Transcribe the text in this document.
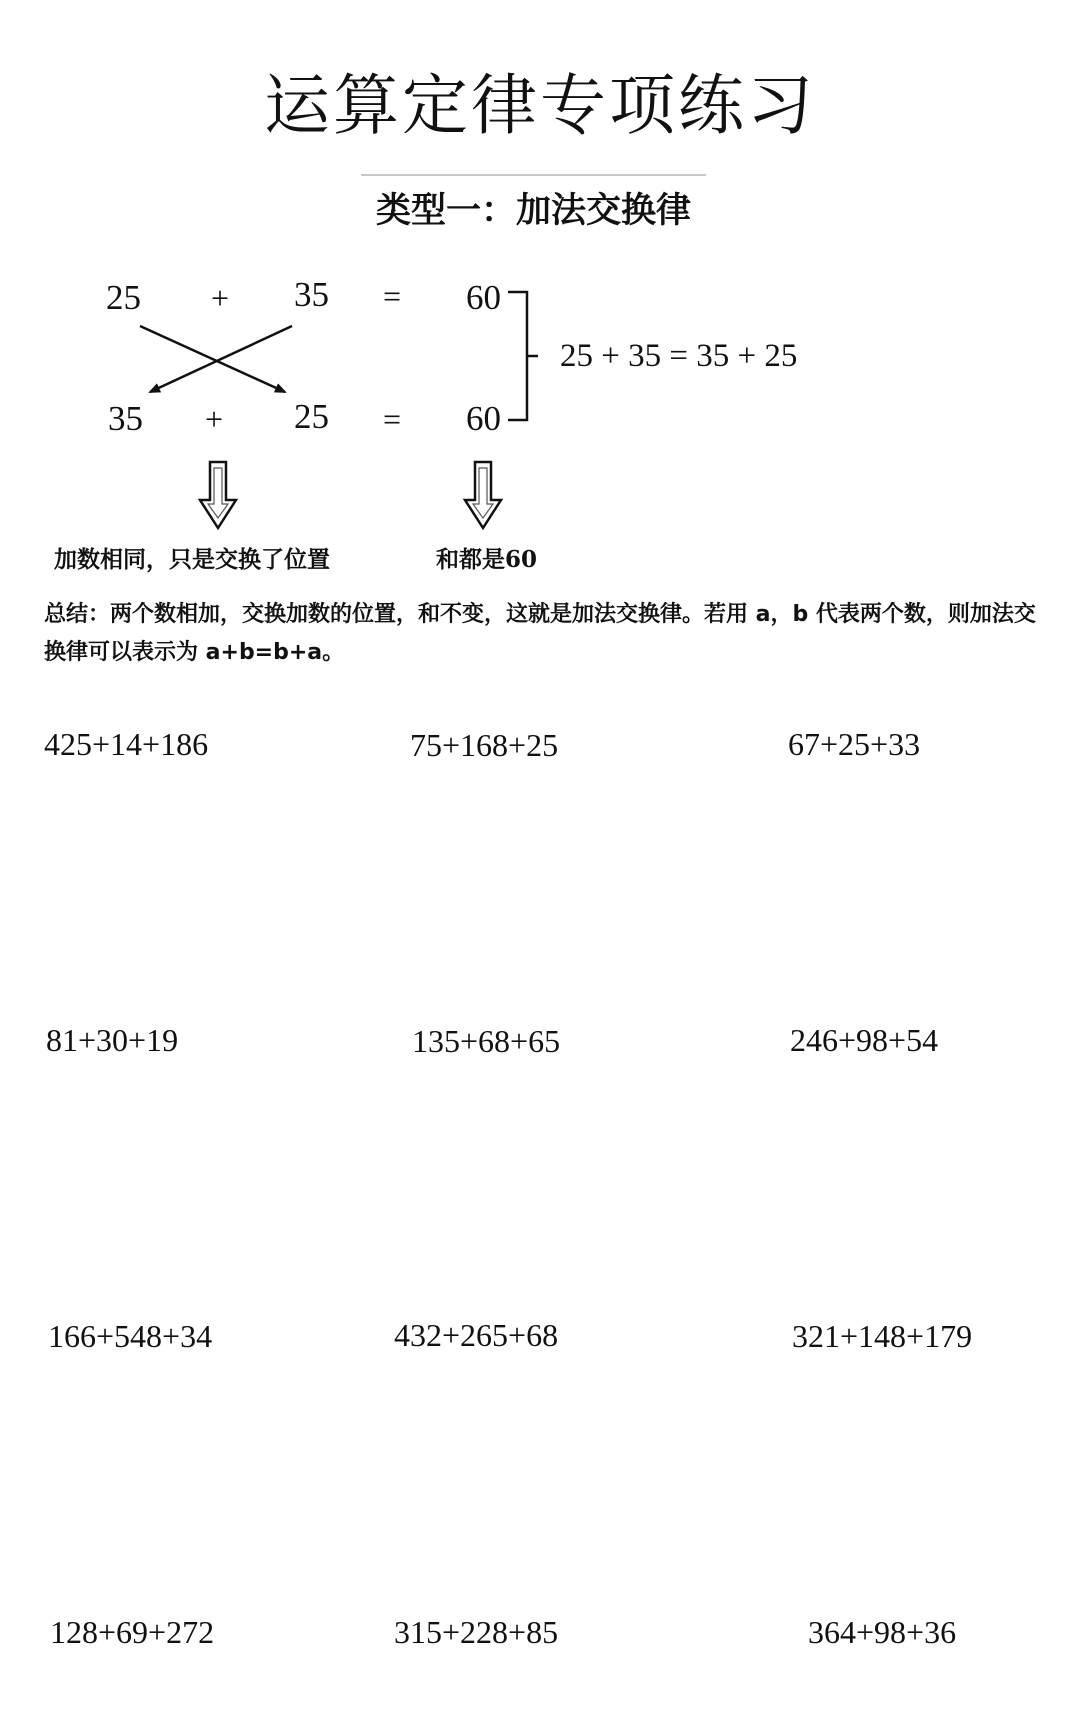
运算定律专项练习
类型一：加法交换律
25 + 35 = 60
35 + 25 = 60
25 + 35 = 35 + 25
加数相同，只是交换了位置	和都是60
总结：两个数相加，交换加数的位置，和不变，这就是加法交换律。若用 a，b 代表两个数，则加法交换律可以表示为 a+b=b+a。
425+14+186	75+168+25	67+25+33
81+30+19	135+68+65	246+98+54
166+548+34	432+265+68	321+148+179
128+69+272	315+228+85	364+98+36
